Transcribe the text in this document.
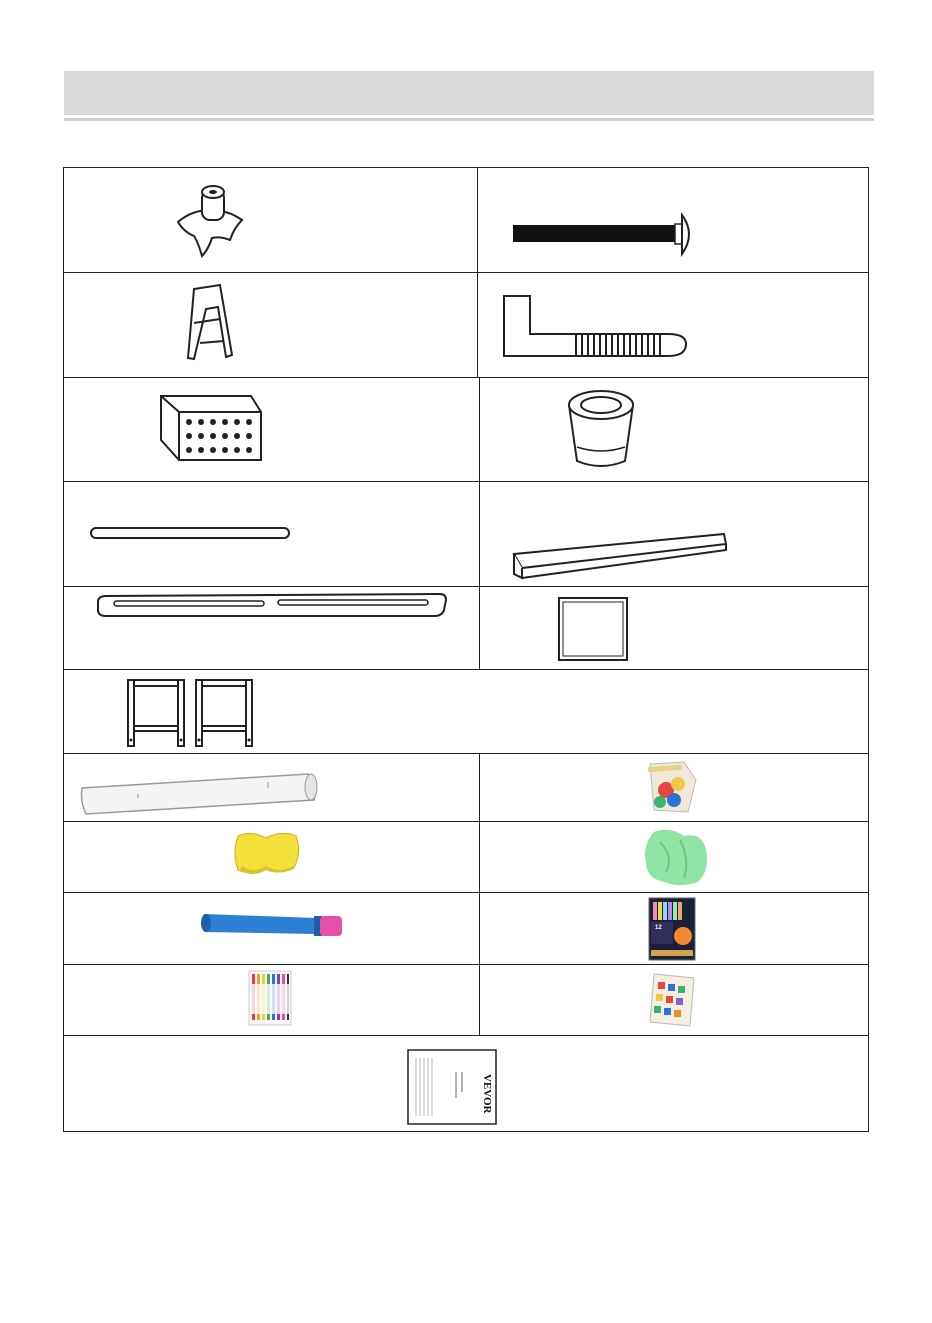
12
VEVOR
